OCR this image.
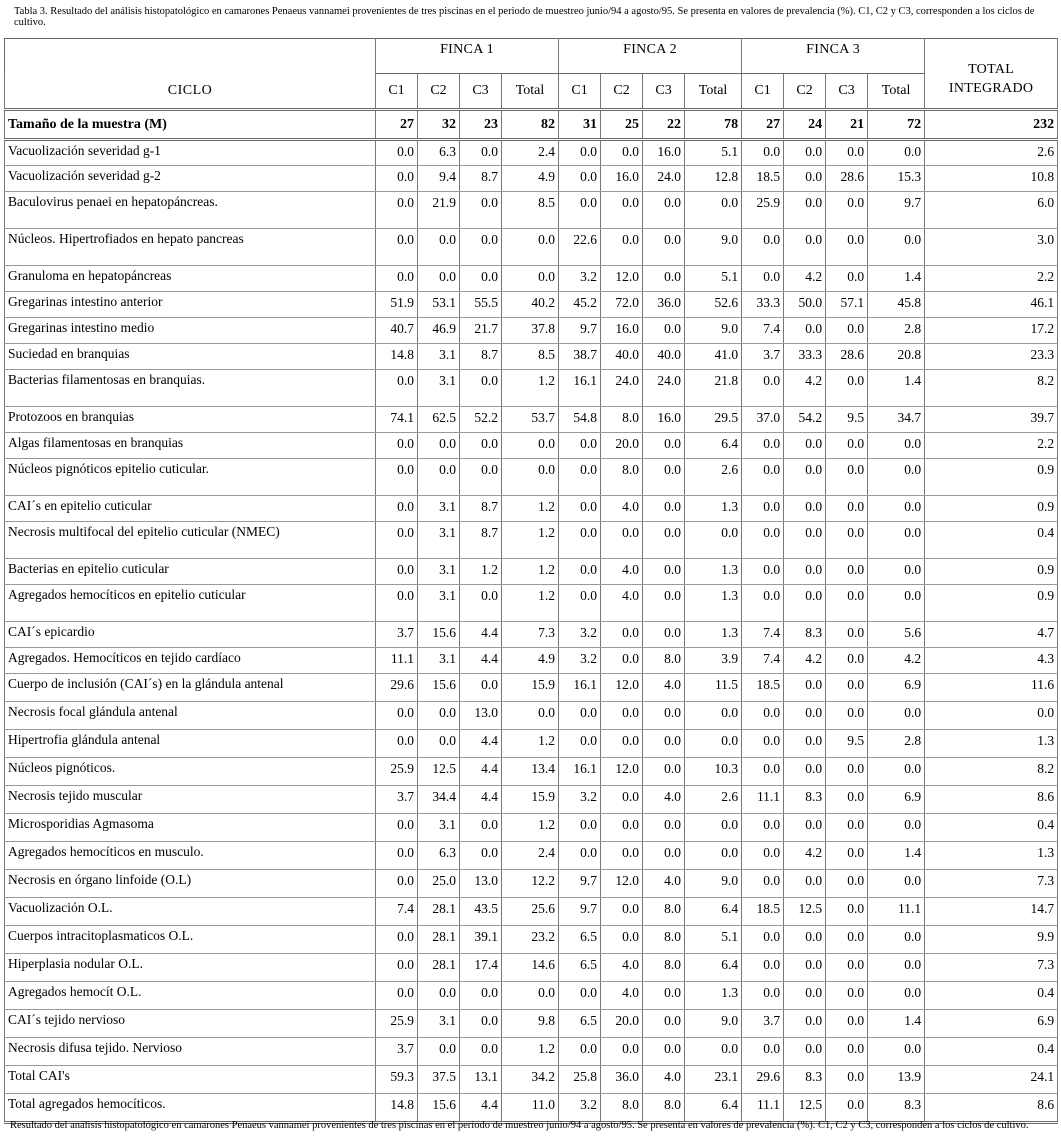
Tabla 3. Resultado del análisis histopatológico en camarones Penaeus vannamei provenientes de tres piscinas en el periodo de muestreo junio/94 a agosto/95. Se presenta en valores de prevalencia (%). C1, C2 y C3, corresponden a los ciclos de cultivo.
	FINCA 1				FINCA 2				FINCA 3				TOTAL
INTEGRADO

CICLO	C1	C2	C3	Total	C1	C2	C3	Total	C1	C2	C3	Total	
Tamaño de la muestra (M)	27	32	23	82	31	25	22	78	27	24	21	72	232
Vacuolización severidad g-1	0.0	6.3	0.0	2.4	0.0	0.0	16.0	5.1	0.0	0.0	0.0	0.0	2.6
Vacuolización severidad g-2	0.0	9.4	8.7	4.9	0.0	16.0	24.0	12.8	18.5	0.0	28.6	15.3	10.8
Baculovirus penaei en hepatopáncreas.	0.0	21.9	0.0	8.5	0.0	0.0	0.0	0.0	25.9	0.0	0.0	9.7	6.0
Núcleos. Hipertrofiados en hepato pancreas	0.0	0.0	0.0	0.0	22.6	0.0	0.0	9.0	0.0	0.0	0.0	0.0	3.0
Granuloma en hepatopáncreas	0.0	0.0	0.0	0.0	3.2	12.0	0.0	5.1	0.0	4.2	0.0	1.4	2.2
Gregarinas intestino anterior	51.9	53.1	55.5	40.2	45.2	72.0	36.0	52.6	33.3	50.0	57.1	45.8	46.1
Gregarinas intestino medio	40.7	46.9	21.7	37.8	9.7	16.0	0.0	9.0	7.4	0.0	0.0	2.8	17.2
Suciedad en branquias	14.8	3.1	8.7	8.5	38.7	40.0	40.0	41.0	3.7	33.3	28.6	20.8	23.3
Bacterias filamentosas en branquias.	0.0	3.1	0.0	1.2	16.1	24.0	24.0	21.8	0.0	4.2	0.0	1.4	8.2
Protozoos en branquias	74.1	62.5	52.2	53.7	54.8	8.0	16.0	29.5	37.0	54.2	9.5	34.7	39.7
Algas filamentosas en branquias	0.0	0.0	0.0	0.0	0.0	20.0	0.0	6.4	0.0	0.0	0.0	0.0	2.2
Núcleos pignóticos epitelio cuticular.	0.0	0.0	0.0	0.0	0.0	8.0	0.0	2.6	0.0	0.0	0.0	0.0	0.9
CAI´s en epitelio cuticular	0.0	3.1	8.7	1.2	0.0	4.0	0.0	1.3	0.0	0.0	0.0	0.0	0.9
Necrosis multifocal del epitelio cuticular (NMEC)	0.0	3.1	8.7	1.2	0.0	0.0	0.0	0.0	0.0	0.0	0.0	0.0	0.4
Bacterias en epitelio cuticular	0.0	3.1	1.2	1.2	0.0	4.0	0.0	1.3	0.0	0.0	0.0	0.0	0.9
Agregados hemocíticos en epitelio cuticular	0.0	3.1	0.0	1.2	0.0	4.0	0.0	1.3	0.0	0.0	0.0	0.0	0.9
CAI´s epicardio	3.7	15.6	4.4	7.3	3.2	0.0	0.0	1.3	7.4	8.3	0.0	5.6	4.7
Agregados. Hemocíticos en tejido cardíaco	11.1	3.1	4.4	4.9	3.2	0.0	8.0	3.9	7.4	4.2	0.0	4.2	4.3
Cuerpo de inclusión (CAI´s) en la glándula antenal	29.6	15.6	0.0	15.9	16.1	12.0	4.0	11.5	18.5	0.0	0.0	6.9	11.6
Necrosis focal glándula antenal	0.0	0.0	13.0	0.0	0.0	0.0	0.0	0.0	0.0	0.0	0.0	0.0	0.0
Hipertrofia glándula antenal	0.0	0.0	4.4	1.2	0.0	0.0	0.0	0.0	0.0	0.0	9.5	2.8	1.3
Núcleos pignóticos.	25.9	12.5	4.4	13.4	16.1	12.0	0.0	10.3	0.0	0.0	0.0	0.0	8.2
Necrosis tejido muscular	3.7	34.4	4.4	15.9	3.2	0.0	4.0	2.6	11.1	8.3	0.0	6.9	8.6
Microsporidias Agmasoma	0.0	3.1	0.0	1.2	0.0	0.0	0.0	0.0	0.0	0.0	0.0	0.0	0.4
Agregados hemocíticos en musculo.	0.0	6.3	0.0	2.4	0.0	0.0	0.0	0.0	0.0	4.2	0.0	1.4	1.3
Necrosis en órgano linfoide (O.L)	0.0	25.0	13.0	12.2	9.7	12.0	4.0	9.0	0.0	0.0	0.0	0.0	7.3
Vacuolización O.L.	7.4	28.1	43.5	25.6	9.7	0.0	8.0	6.4	18.5	12.5	0.0	11.1	14.7
Cuerpos intracitoplasmaticos O.L.	0.0	28.1	39.1	23.2	6.5	0.0	8.0	5.1	0.0	0.0	0.0	0.0	9.9
Hiperplasia nodular O.L.	0.0	28.1	17.4	14.6	6.5	4.0	8.0	6.4	0.0	0.0	0.0	0.0	7.3
Agregados hemocít O.L.	0.0	0.0	0.0	0.0	0.0	4.0	0.0	1.3	0.0	0.0	0.0	0.0	0.4
CAI´s tejido nervioso	25.9	3.1	0.0	9.8	6.5	20.0	0.0	9.0	3.7	0.0	0.0	1.4	6.9
Necrosis difusa tejido. Nervioso	3.7	0.0	0.0	1.2	0.0	0.0	0.0	0.0	0.0	0.0	0.0	0.0	0.4
Total CAI's	59.3	37.5	13.1	34.2	25.8	36.0	4.0	23.1	29.6	8.3	0.0	13.9	24.1
Total agregados hemocíticos.	14.8	15.6	4.4	11.0	3.2	8.0	8.0	6.4	11.1	12.5	0.0	8.3	8.6
Resultado del análisis histopatológico en camarones Penaeus vannamei provenientes de tres piscinas en el periodo de muestreo junio/94 a agosto/95. Se presenta en valores de prevalencia (%). C1, C2 y C3, corresponden a los ciclos de cultivo.
